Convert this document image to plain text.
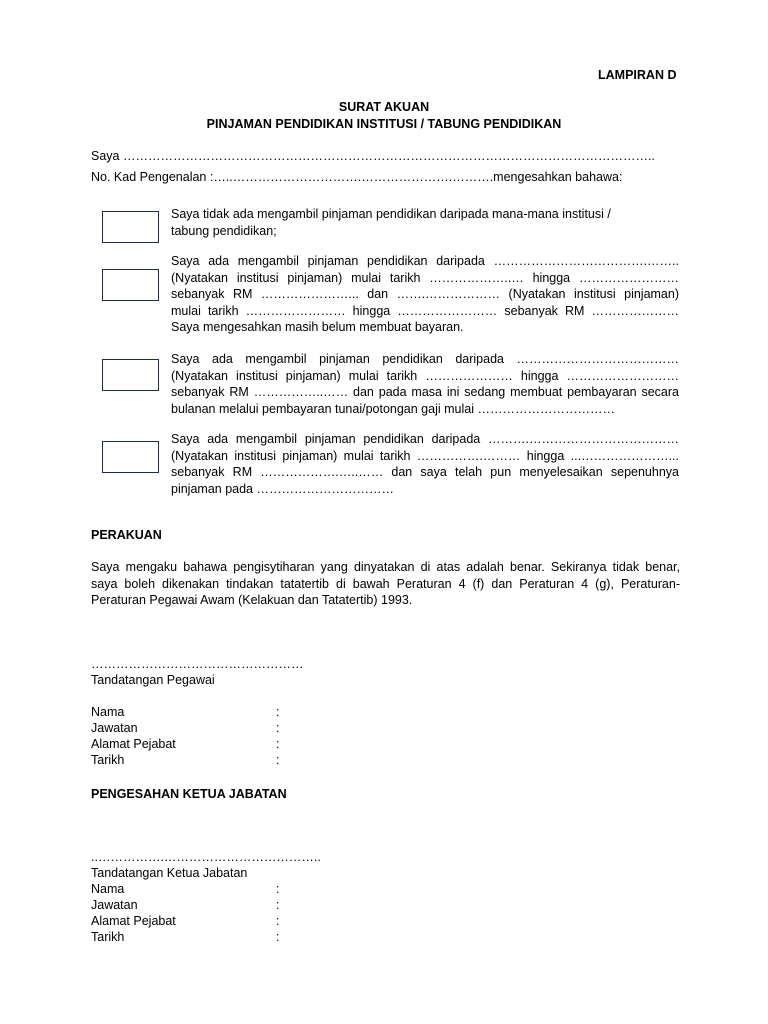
LAMPIRAN D
SURAT AKUAN
PINJAMAN PENDIDIKAN INSTITUSI / TABUNG PENDIDIKAN
Saya ………………………………………………………………………………………………………………..
No. Kad Pengenalan :…..………………………….………………….……….mengesahkan bahawa:
Saya tidak ada mengambil pinjaman pendidikan daripada mana-mana institusi /
tabung pendidikan;
Saya ada mengambil pinjaman pendidikan daripada ……………………………….……..
(Nyatakan institusi pinjaman) mulai tarikh ………………..… hingga ……………………
sebanyak RM …………………... dan …….……………… (Nyatakan institusi pinjaman)
mulai tarikh …………………… hingga …………………… sebanyak RM …………………
Saya mengesahkan masih belum membuat bayaran.
Saya ada mengambil pinjaman pendidikan daripada …………………………………
(Nyatakan institusi pinjaman) mulai tarikh ………………… hingga ………………………
sebanyak RM ……………..…… dan pada masa ini sedang membuat pembayaran secara
bulanan melalui pembayaran tunai/potongan gaji mulai ……………………………
Saya ada mengambil pinjaman pendidikan daripada ……….………………………………
(Nyatakan institusi pinjaman) mulai tarikh …………….……… hingga ...…………………...
sebanyak RM ……………….…..…… dan saya telah pun menyelesaikan sepenuhnya
pinjaman pada ……………………………
PERAKUAN
Saya mengaku bahawa pengisytiharan yang dinyatakan di atas adalah benar. Sekiranya tidak benar,
saya boleh dikenakan tindakan tatatertib di bawah Peraturan 4 (f) dan Peraturan 4 (g), Peraturan-
Peraturan Pegawai Awam (Kelakuan dan Tatatertib) 1993.
……………………………………………
Tandatangan Pegawai
Nama	:
Jawatan	:
Alamat Pejabat	:
Tarikh	:
PENGESAHAN KETUA JABATAN
..…………….………………………………..
Tandatangan Ketua Jabatan
Nama	:
Jawatan	:
Alamat Pejabat	:
Tarikh	:
